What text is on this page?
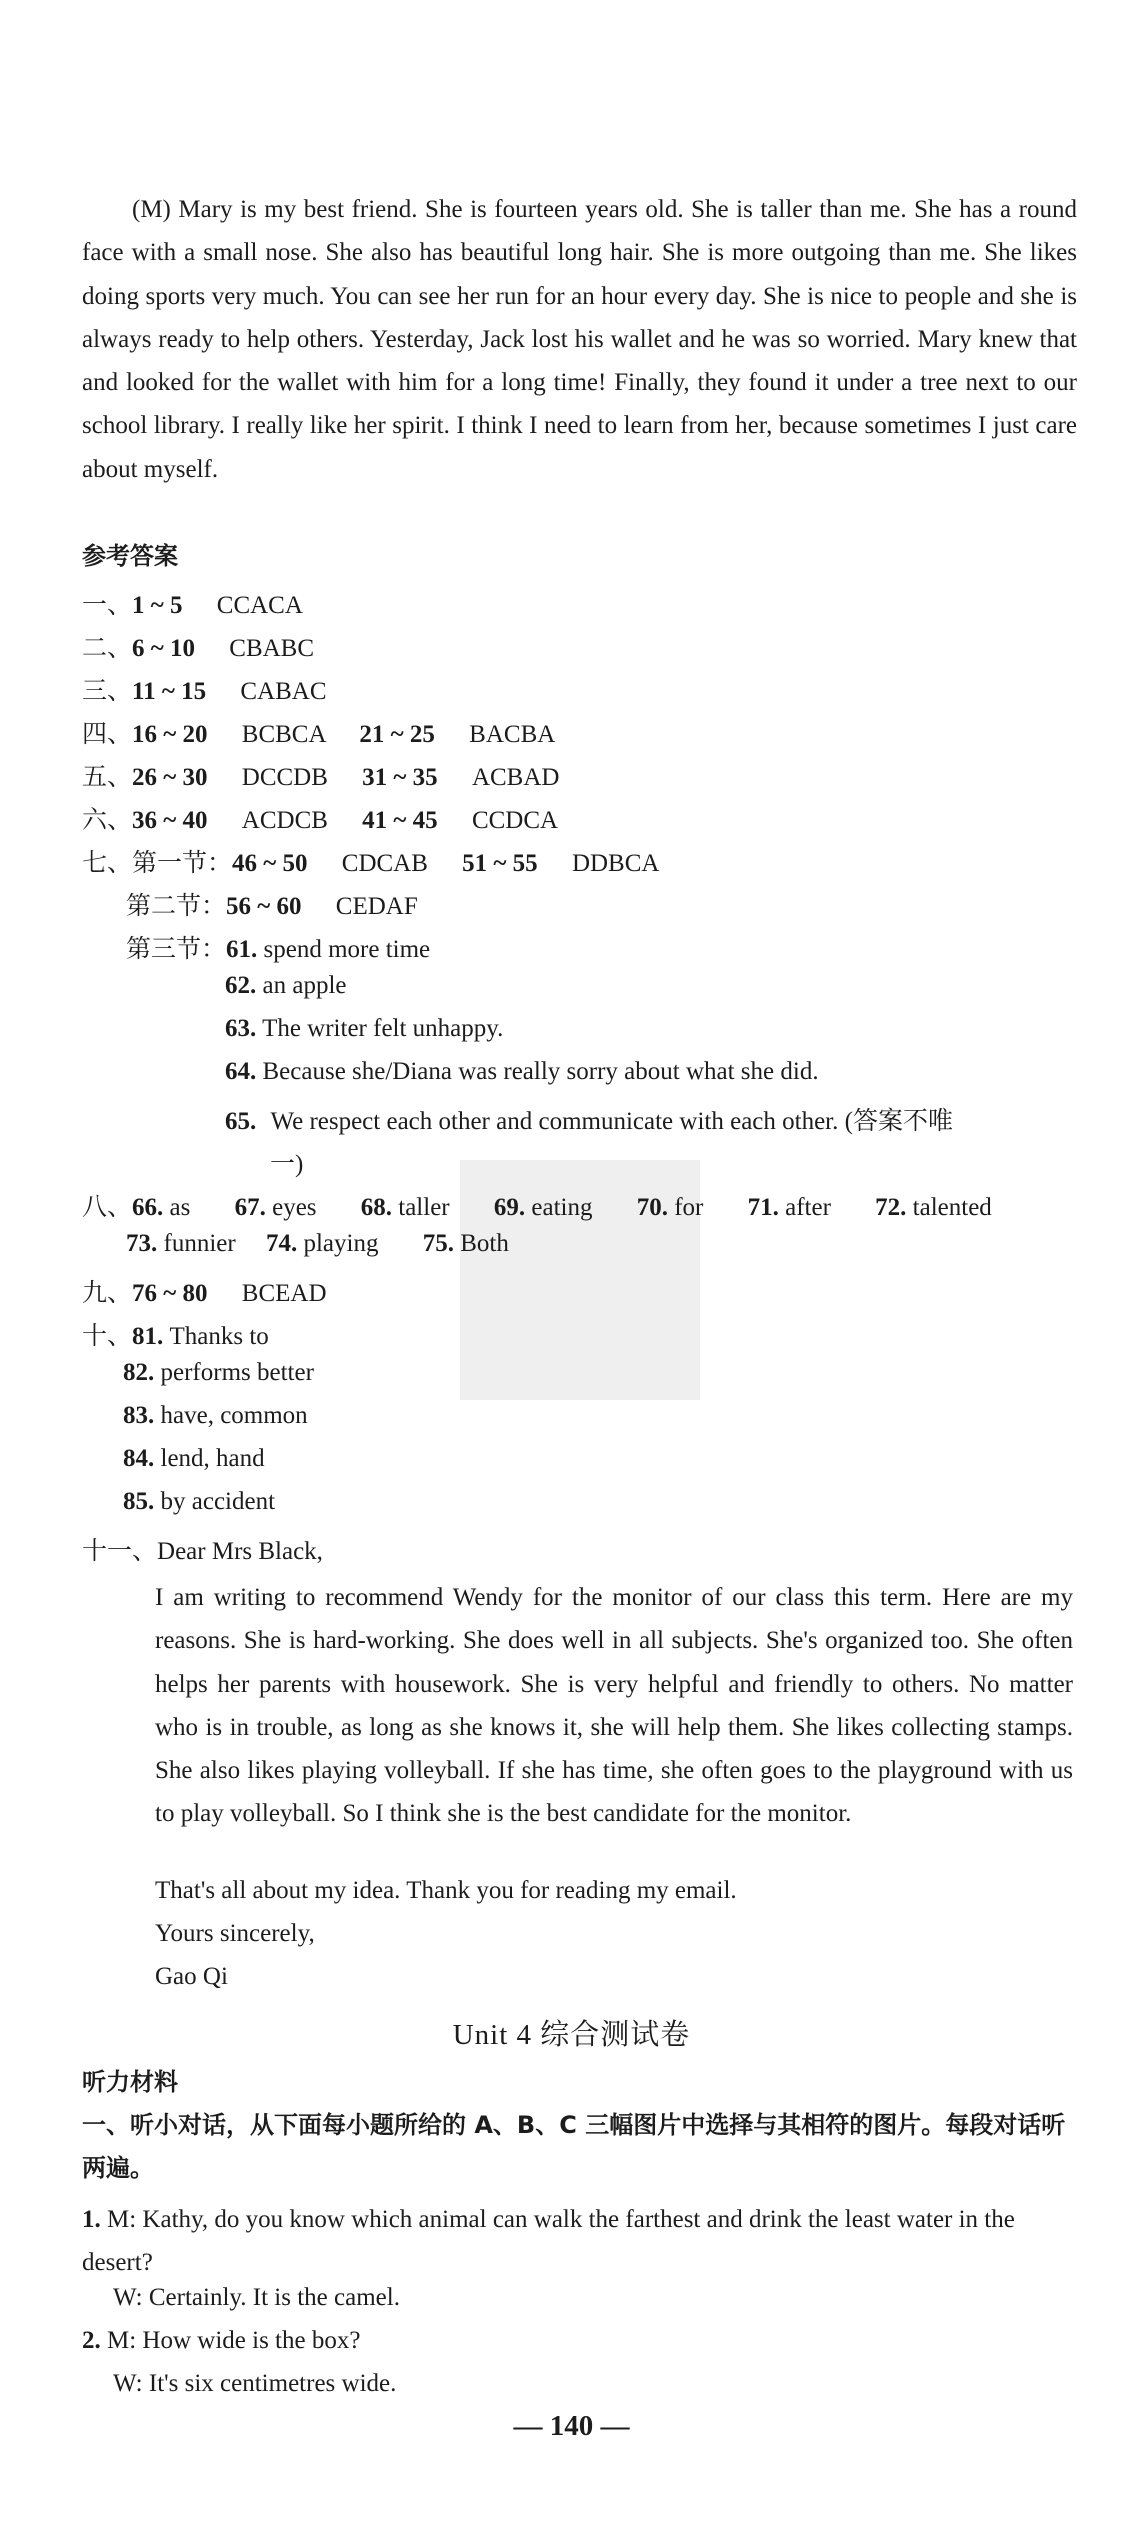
(M) Mary is my best friend. She is fourteen years old. She is taller than me. She has a round face with a small nose. She also has beautiful long hair. She is more outgoing than me. She likes doing sports very much. You can see her run for an hour every day. She is nice to people and she is always ready to help others. Yesterday, Jack lost his wallet and he was so worried. Mary knew that and looked for the wallet with him for a long time! Finally, they found it under a tree next to our school library. I really like her spirit. I think I need to learn from her, because sometimes I just care about myself.
参考答案
一、1 ~ 5 CCACA
二、6 ~ 10 CBABC
三、11 ~ 15 CABAC
四、16 ~ 20 BCBCA 21 ~ 25 BACBA
五、26 ~ 30 DCCDB 31 ~ 35 ACBAD
六、36 ~ 40 ACDCB 41 ~ 45 CCDCA
七、第一节：46 ~ 50 CDCAB 51 ~ 55 DDBCA
第二节：56 ~ 60 CEDAF
第三节：61. spend more time
62. an apple
63. The writer felt unhappy.
64. Because she/Diana was really sorry about what she did.
65. We respect each other and communicate with each other. (答案不唯
一)
八、66. as 67. eyes 68. taller 69. eating 70. for 71. after 72. talented
73. funnier 74. playing 75. Both
九、76 ~ 80 BCEAD
十、81. Thanks to
82. performs better
83. have, common
84. lend, hand
85. by accident
十一、Dear Mrs Black,
I am writing to recommend Wendy for the monitor of our class this term. Here are my reasons. She is hard-working. She does well in all subjects. She's organized too. She often helps her parents with housework. She is very helpful and friendly to others. No matter who is in trouble, as long as she knows it, she will help them. She likes collecting stamps. She also likes playing volleyball. If she has time, she often goes to the playground with us to play volleyball. So I think she is the best candidate for the monitor.
That's all about my idea. Thank you for reading my email.
Yours sincerely,
Gao Qi
Unit 4 综合测试卷
听力材料
一、听小对话，从下面每小题所给的 A、B、C 三幅图片中选择与其相符的图片。每段对话听两遍。
1. M: Kathy, do you know which animal can walk the farthest and drink the least water in the desert?
W: Certainly. It is the camel.
2. M: How wide is the box?
W: It's six centimetres wide.
— 140 —
